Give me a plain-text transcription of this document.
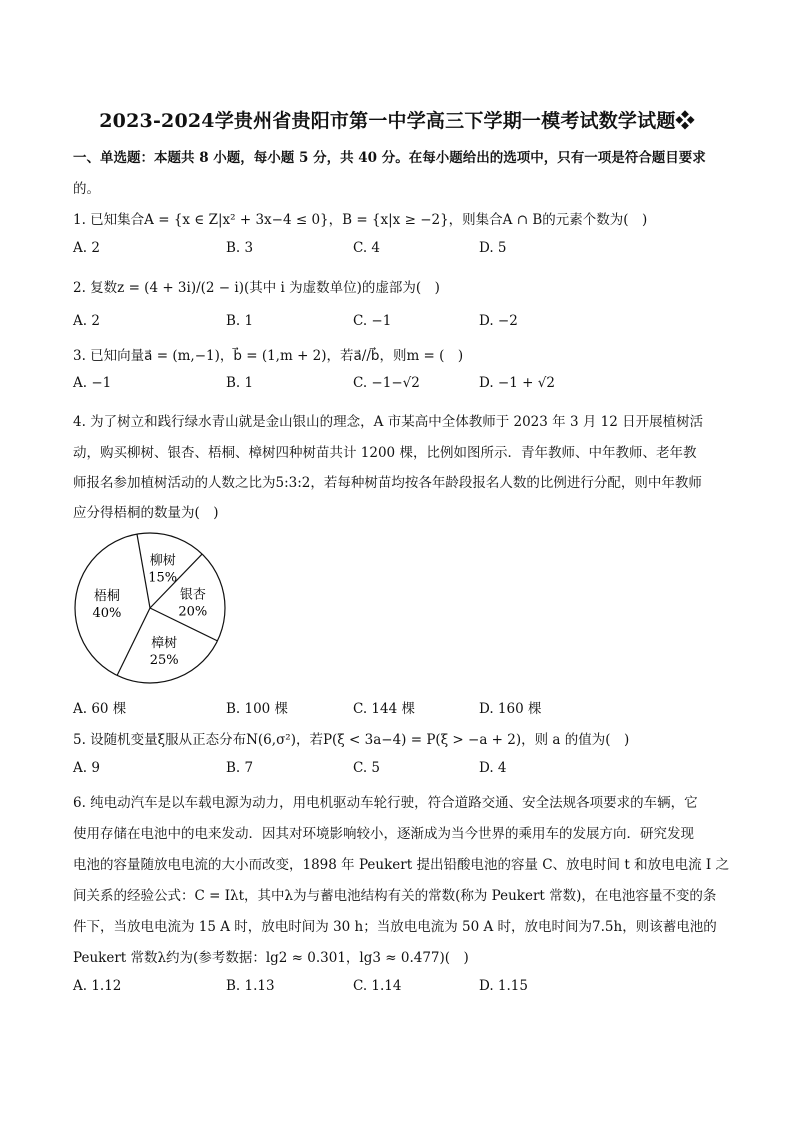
2023-2024学贵州省贵阳市第一中学高三下学期一模考试数学试题❖
一、单选题：本题共 8 小题，每小题 5 分，共 40 分。在每小题给出的选项中，只有一项是符合题目要求
的。
1. 已知集合A = {x ∈ Z|x² + 3x−4 ≤ 0}，B = {x|x ≥ −2}，则集合A ∩ B的元素个数为(　)
A. 2	B. 3	C. 4	D. 5
2. 复数z = (4 + 3i)/(2 − i)(其中 i 为虚数单位)的虚部为(　)
A. 2	B. 1	C. −1	D. −2
3. 已知向量a⃗ = (m,−1)，b⃗ = (1,m + 2)，若a⃗//b⃗，则m = (　)
A. −1	B. 1	C. −1−√2	D. −1 + √2
4. 为了树立和践行绿水青山就是金山银山的理念，A 市某高中全体教师于 2023 年 3 月 12 日开展植树活
动，购买柳树、银杏、梧桐、樟树四种树苗共计 1200 棵，比例如图所示．青年教师、中年教师、老年教
师报名参加植树活动的人数之比为5:3:2，若每种树苗均按各年龄段报名人数的比例进行分配，则中年教师
应分得梧桐的数量为(　)
柳树
15%
银杏
20%
樟树
25%
梧桐
40%
A. 60 棵	B. 100 棵	C. 144 棵	D. 160 棵
5. 设随机变量ξ服从正态分布N(6,σ²)，若P(ξ < 3a−4) = P(ξ > −a + 2)，则 a 的值为(　)
A. 9	B. 7	C. 5	D. 4
6. 纯电动汽车是以车载电源为动力，用电机驱动车轮行驶，符合道路交通、安全法规各项要求的车辆，它
使用存储在电池中的电来发动．因其对环境影响较小，逐渐成为当今世界的乘用车的发展方向．研究发现
电池的容量随放电电流的大小而改变，1898 年 Peukert 提出铅酸电池的容量 C、放电时间 t 和放电电流 I 之
间关系的经验公式：C = Iλt，其中λ为与蓄电池结构有关的常数(称为 Peukert 常数)，在电池容量不变的条
件下，当放电电流为 15 A 时，放电时间为 30 h；当放电电流为 50 A 时，放电时间为7.5h，则该蓄电池的
Peukert 常数λ约为(参考数据：lg2 ≈ 0.301，lg3 ≈ 0.477)(　)
A. 1.12	B. 1.13	C. 1.14	D. 1.15
